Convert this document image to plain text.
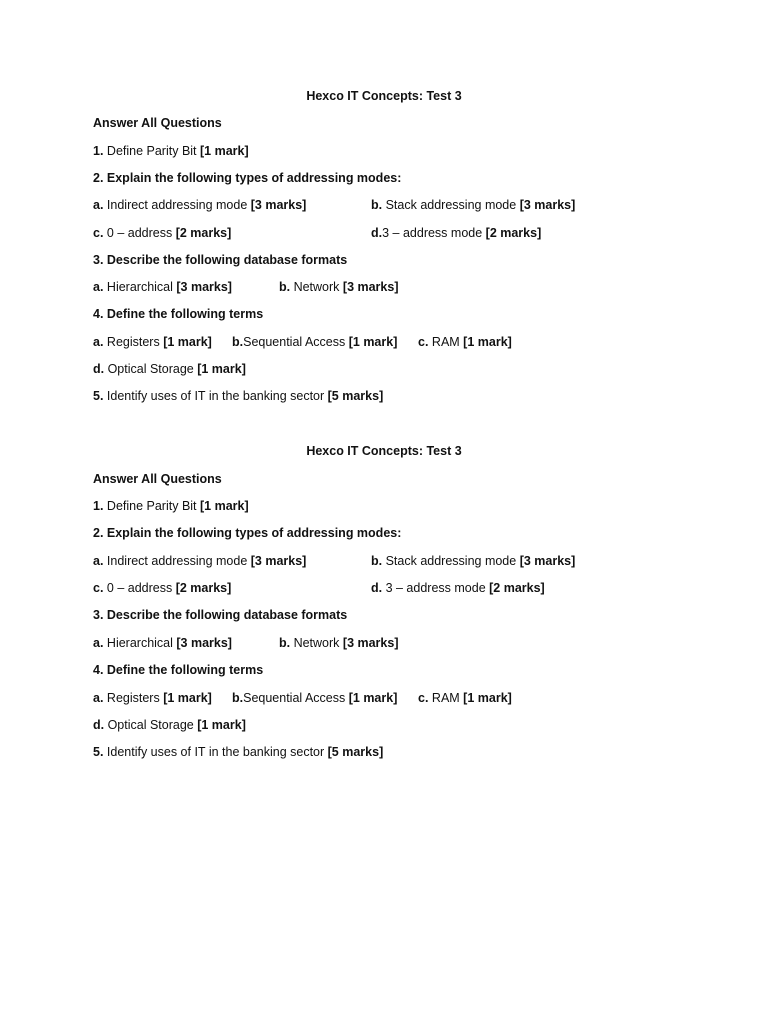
Hexco IT Concepts: Test 3
Answer All Questions
1. Define Parity Bit [1 mark]
2. Explain the following types of addressing modes:
a. Indirect addressing mode [3 marks]	b. Stack addressing mode [3 marks]
c. 0 – address [2 marks]	d.3 – address mode [2 marks]
3. Describe the following database formats
a. Hierarchical [3 marks]	b. Network [3 marks]
4. Define the following terms
a. Registers [1 mark] b.Sequential Access [1 mark] c. RAM [1 mark]
d. Optical Storage [1 mark]
5. Identify uses of IT in the banking sector [5 marks]
Hexco IT Concepts: Test 3
Answer All Questions
1. Define Parity Bit [1 mark]
2. Explain the following types of addressing modes:
a. Indirect addressing mode [3 marks]	b. Stack addressing mode [3 marks]
c. 0 – address [2 marks]	d. 3 – address mode [2 marks]
3. Describe the following database formats
a. Hierarchical [3 marks]	b. Network [3 marks]
4. Define the following terms
a. Registers [1 mark] b.Sequential Access [1 mark] c. RAM [1 mark]
d. Optical Storage [1 mark]
5. Identify uses of IT in the banking sector [5 marks]
